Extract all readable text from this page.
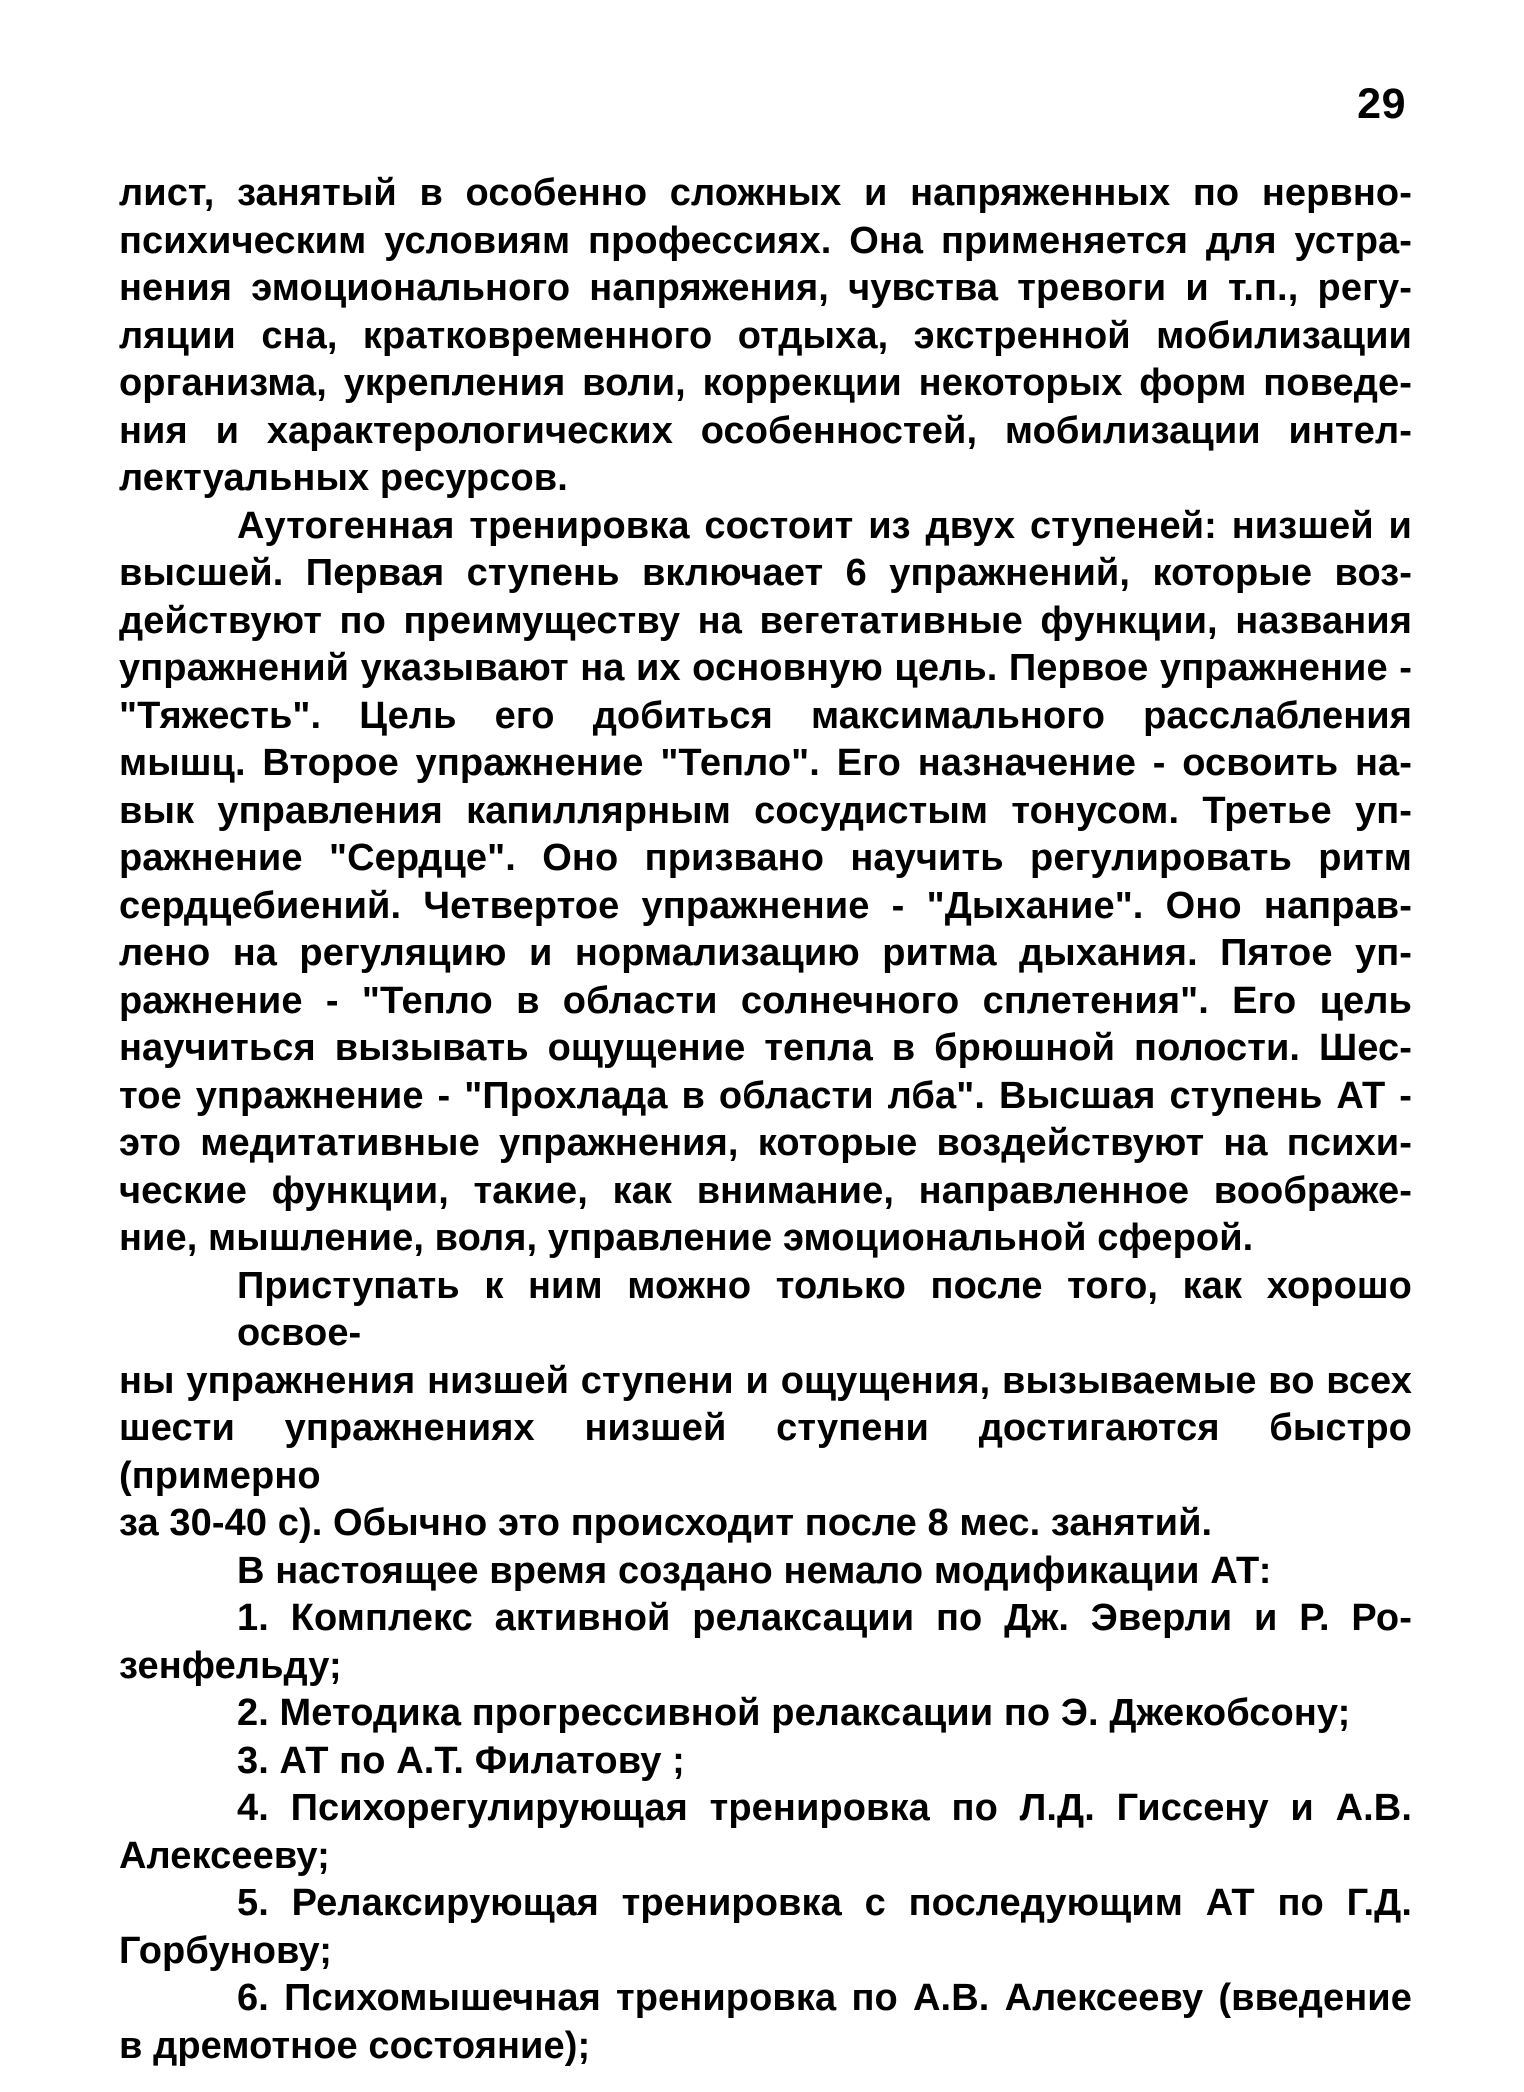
29
лист, занятый в особенно сложных и напряженных по нервно-
психическим условиям профессиях. Она применяется для устра-
нения эмоционального напряжения, чувства тревоги и т.п., регу-
ляции сна, кратковременного отдыха, экстренной мобилизации
организма, укрепления воли, коррекции некоторых форм поведе-
ния и характерологических особенностей, мобилизации интел-
лектуальных ресурсов.
Аутогенная тренировка состоит из двух ступеней: низшей и
высшей. Первая ступень включает 6 упражнений, которые воз-
действуют по преимуществу на вегетативные функции, названия
упражнений указывают на их основную цель. Первое упражнение -
"Тяжесть". Цель его добиться максимального расслабления
мышц. Второе упражнение "Тепло". Его назначение - освоить на-
вык управления капиллярным сосудистым тонусом. Третье уп-
ражнение "Сердце". Оно призвано научить регулировать ритм
сердцебиений. Четвертое упражнение - "Дыхание". Оно направ-
лено на регуляцию и нормализацию ритма дыхания. Пятое уп-
ражнение - "Тепло в области солнечного сплетения". Его цель
научиться вызывать ощущение тепла в брюшной полости. Шес-
тое упражнение - "Прохлада в области лба". Высшая ступень АТ -
это медитативные упражнения, которые воздействуют на психи-
ческие функции, такие, как внимание, направленное воображе-
ние, мышление, воля, управление эмоциональной сферой.
Приступать к ним можно только после того, как хорошо освое-
ны упражнения низшей ступени и ощущения, вызываемые во всех
шести упражнениях низшей ступени достигаются быстро (примерно
за 30-40 с). Обычно это происходит после 8 мес. занятий.
В настоящее время создано немало модификации АТ:
1. Комплекс активной релаксации по Дж. Эверли и Р. Ро-
зенфельду;
2. Методика прогрессивной релаксации по Э. Джекобсону;
3. АТ по А.Т. Филатову ;
4. Психорегулирующая тренировка по Л.Д. Гиссену и А.В.
Алексееву;
5. Релаксирующая тренировка с последующим АТ по Г.Д.
Горбунову;
6. Психомышечная тренировка по А.В. Алексееву (введение
в дремотное состояние);
